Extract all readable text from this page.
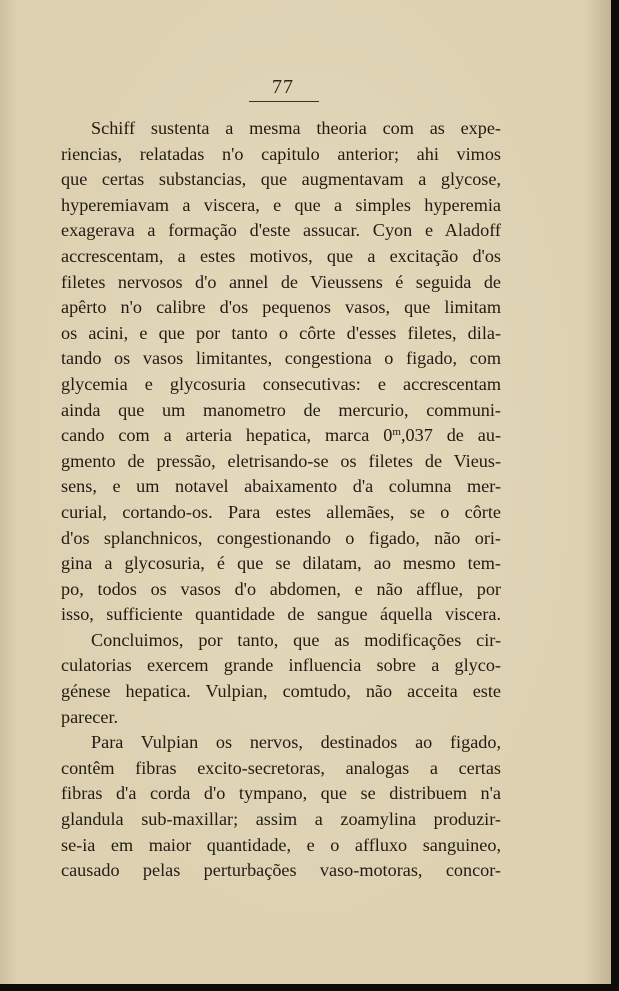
77

Schiff sustenta a mesma theoria com as expe-

riencias, relatadas n'o capitulo anterior; ahi vimos

que certas substancias, que augmentavam a glycose,

hyperemiavam a viscera, e que a simples hyperemia

exagerava a formação d'este assucar. Cyon e Aladoff

accrescentam, a estes motivos, que a excitação d'os

filetes nervosos d'o annel de Vieussens é seguida de

apêrto n'o calibre d'os pequenos vasos, que limitam

os acini, e que por tanto o côrte d'esses filetes, dila-

tando os vasos limitantes, congestiona o figado, com

glycemia e glycosuria consecutivas: e accrescentam

ainda que um manometro de mercurio, communi-

cando com a arteria hepatica, marca 0$^m$,037 de au-

gmento de pressão, eletrisando-se os filetes de Vieus-

sens, e um notavel abaixamento d'a columna mer-

curial, cortando-os. Para estes allemães, se o côrte

d'os splanchnicos, congestionando o figado, não ori-

gina a glycosuria, é que se dilatam, ao mesmo tem-

po, todos os vasos d'o abdomen, e não afflue, por

isso, sufficiente quantidade de sangue áquella viscera.

Concluimos, por tanto, que as modificações cir-

culatorias exercem grande influencia sobre a glyco-

génese hepatica. Vulpian, comtudo, não acceita este

parecer.

Para Vulpian os nervos, destinados ao figado,

contêm fibras excito-secretoras, analogas a certas

fibras d'a corda d'o tympano, que se distribuem n'a

glandula sub-maxillar; assim a zoamylina produzir-

se-ia em maior quantidade, e o affluxo sanguineo,

causado pelas perturbações vaso-motoras, concor-
